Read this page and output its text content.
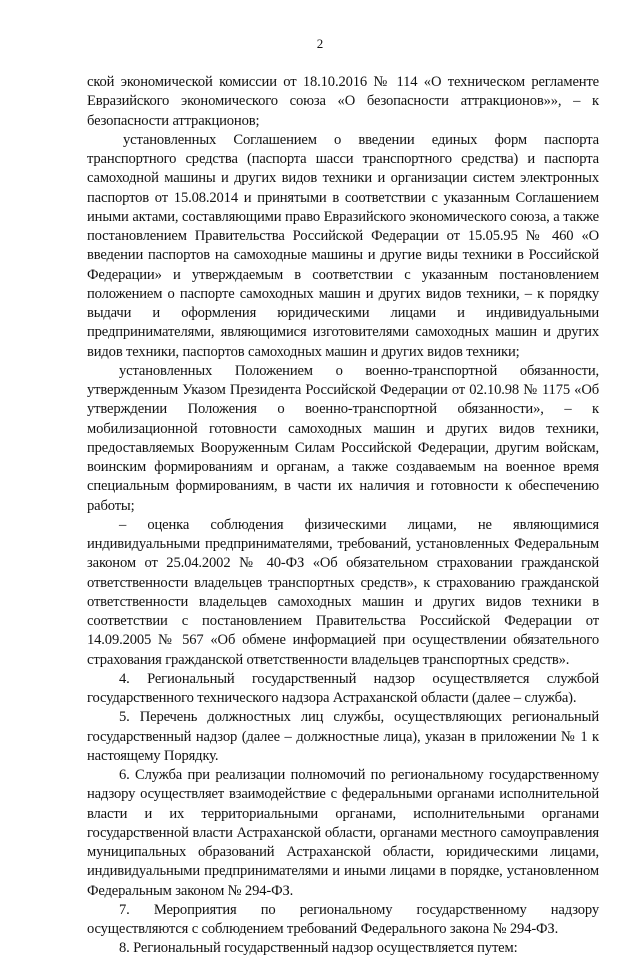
2

ской экономической комиссии от 18.10.2016 № 114 «О техническом регламенте Евразийского экономического союза «О безопасности аттракционов»», – к безопасности аттракционов;

установленных Соглашением о введении единых форм паспорта транспортного средства (паспорта шасси транспортного средства) и паспорта самоходной машины и других видов техники и организации систем электронных паспортов от 15.08.2014 и принятыми в соответствии с указанным Соглашением иными актами, составляющими право Евразийского экономического союза, а также постановлением Правительства Российской Федерации от 15.05.95 № 460 «О введении паспортов на самоходные машины и другие виды техники в Российской Федерации» и утверждаемым в соответствии с указанным постановлением положением о паспорте самоходных машин и других видов техники, – к порядку выдачи и оформления юридическими лицами и индивидуальными предпринимателями, являющимися изготовителями самоходных машин и других видов техники, паспортов самоходных машин и других видов техники;

установленных Положением о военно-транспортной обязанности, утвержденным Указом Президента Российской Федерации от 02.10.98 № 1175 «Об утверждении Положения о военно-транспортной обязанности», – к мобилизационной готовности самоходных машин и других видов техники, предоставляемых Вооруженным Силам Российской Федерации, другим войскам, воинским формированиям и органам, а также создаваемым на военное время специальным формированиям, в части их наличия и готовности к обеспечению работы;

– оценка соблюдения физическими лицами, не являющимися индивидуальными предпринимателями, требований, установленных Федеральным законом от 25.04.2002 № 40-ФЗ «Об обязательном страховании гражданской ответственности владельцев транспортных средств», к страхованию гражданской ответственности владельцев самоходных машин и других видов техники в соответствии с постановлением Правительства Российской Федерации от 14.09.2005 № 567 «Об обмене информацией при осуществлении обязательного страхования гражданской ответственности владельцев транспортных средств».

4. Региональный государственный надзор осуществляется службой государственного технического надзора Астраханской области (далее – служба).

5. Перечень должностных лиц службы, осуществляющих региональный государственный надзор (далее – должностные лица), указан в приложении № 1 к настоящему Порядку.

6. Служба при реализации полномочий по региональному государственному надзору осуществляет взаимодействие с федеральными органами исполнительной власти и их территориальными органами, исполнительными органами государственной власти Астраханской области, органами местного самоуправления муниципальных образований Астраханской области, юридическими лицами, индивидуальными предпринимателями и иными лицами в порядке, установленном Федеральным законом № 294-ФЗ.

7. Мероприятия по региональному государственному надзору осуществляются с соблюдением требований Федерального закона № 294-ФЗ.

8. Региональный государственный надзор осуществляется путем:
